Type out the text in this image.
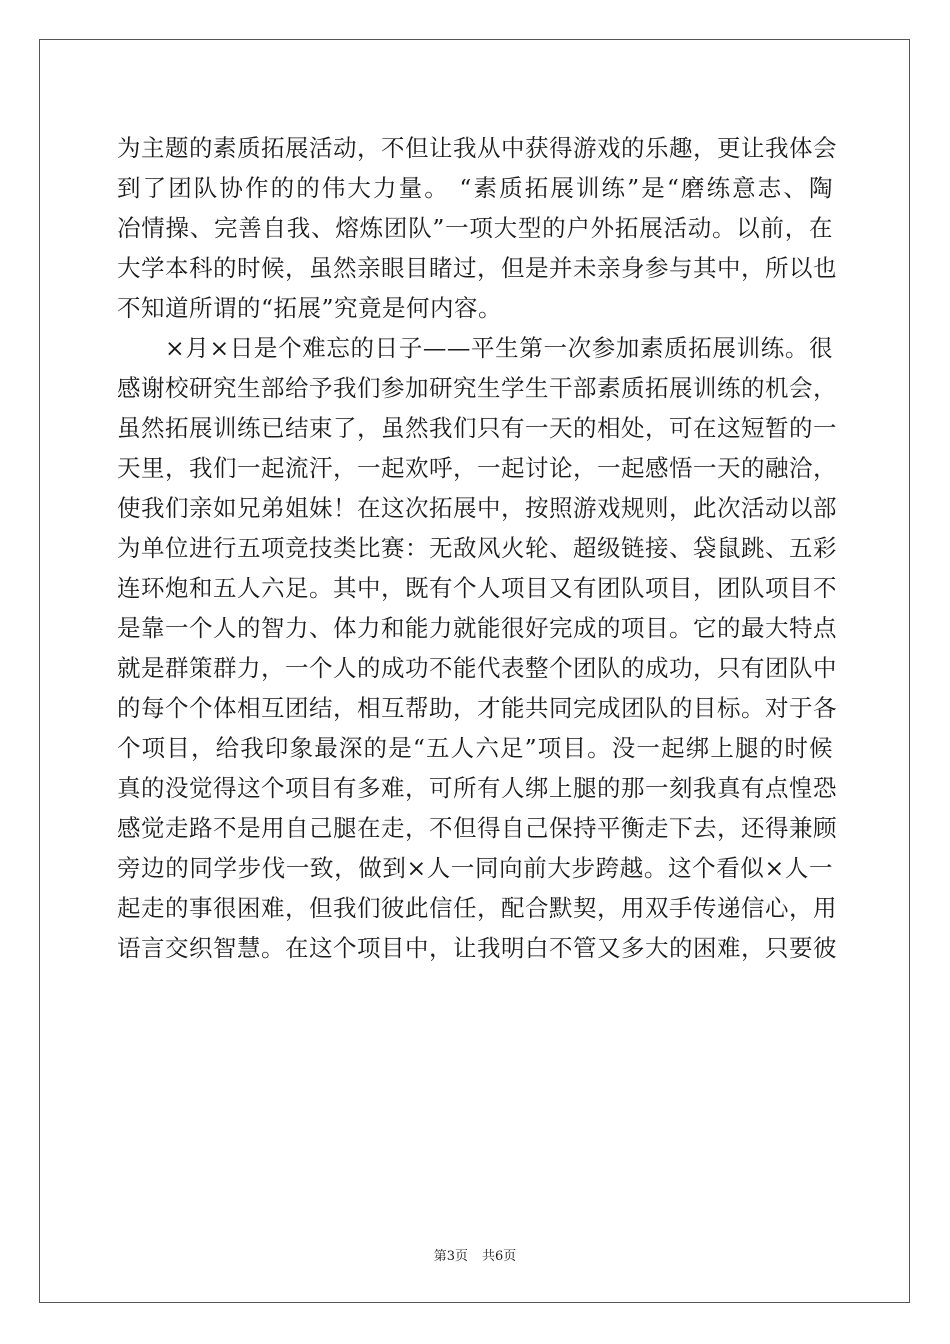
为主题的素质拓展活动，不但让我从中获得游戏的乐趣，更让我体会
到了团队协作的的伟大力量。 “素质拓展训练”是“磨练意志、陶
冶情操、完善自我、熔炼团队”一项大型的户外拓展活动。以前，在
大学本科的时候，虽然亲眼目睹过，但是并未亲身参与其中，所以也
不知道所谓的“拓展”究竟是何内容。
×月×日是个难忘的日子——平生第一次参加素质拓展训练。很
感谢校研究生部给予我们参加研究生学生干部素质拓展训练的机会，
虽然拓展训练已结束了，虽然我们只有一天的相处，可在这短暂的一
天里，我们一起流汗，一起欢呼，一起讨论，一起感悟一天的融洽，
使我们亲如兄弟姐妹！在这次拓展中，按照游戏规则，此次活动以部
为单位进行五项竞技类比赛：无敌风火轮、超级链接、袋鼠跳、五彩
连环炮和五人六足。其中，既有个人项目又有团队项目，团队项目不
是靠一个人的智力、体力和能力就能很好完成的项目。它的最大特点
就是群策群力，一个人的成功不能代表整个团队的成功，只有团队中
的每个个体相互团结，相互帮助，才能共同完成团队的目标。对于各
个项目，给我印象最深的是“五人六足”项目。没一起绑上腿的时候
真的没觉得这个项目有多难，可所有人绑上腿的那一刻我真有点惶恐
感觉走路不是用自己腿在走，不但得自己保持平衡走下去，还得兼顾
旁边的同学步伐一致，做到×人一同向前大步跨越。这个看似×人一
起走的事很困难，但我们彼此信任，配合默契，用双手传递信心，用
语言交织智慧。在这个项目中，让我明白不管又多大的困难，只要彼
第3页 共6页
